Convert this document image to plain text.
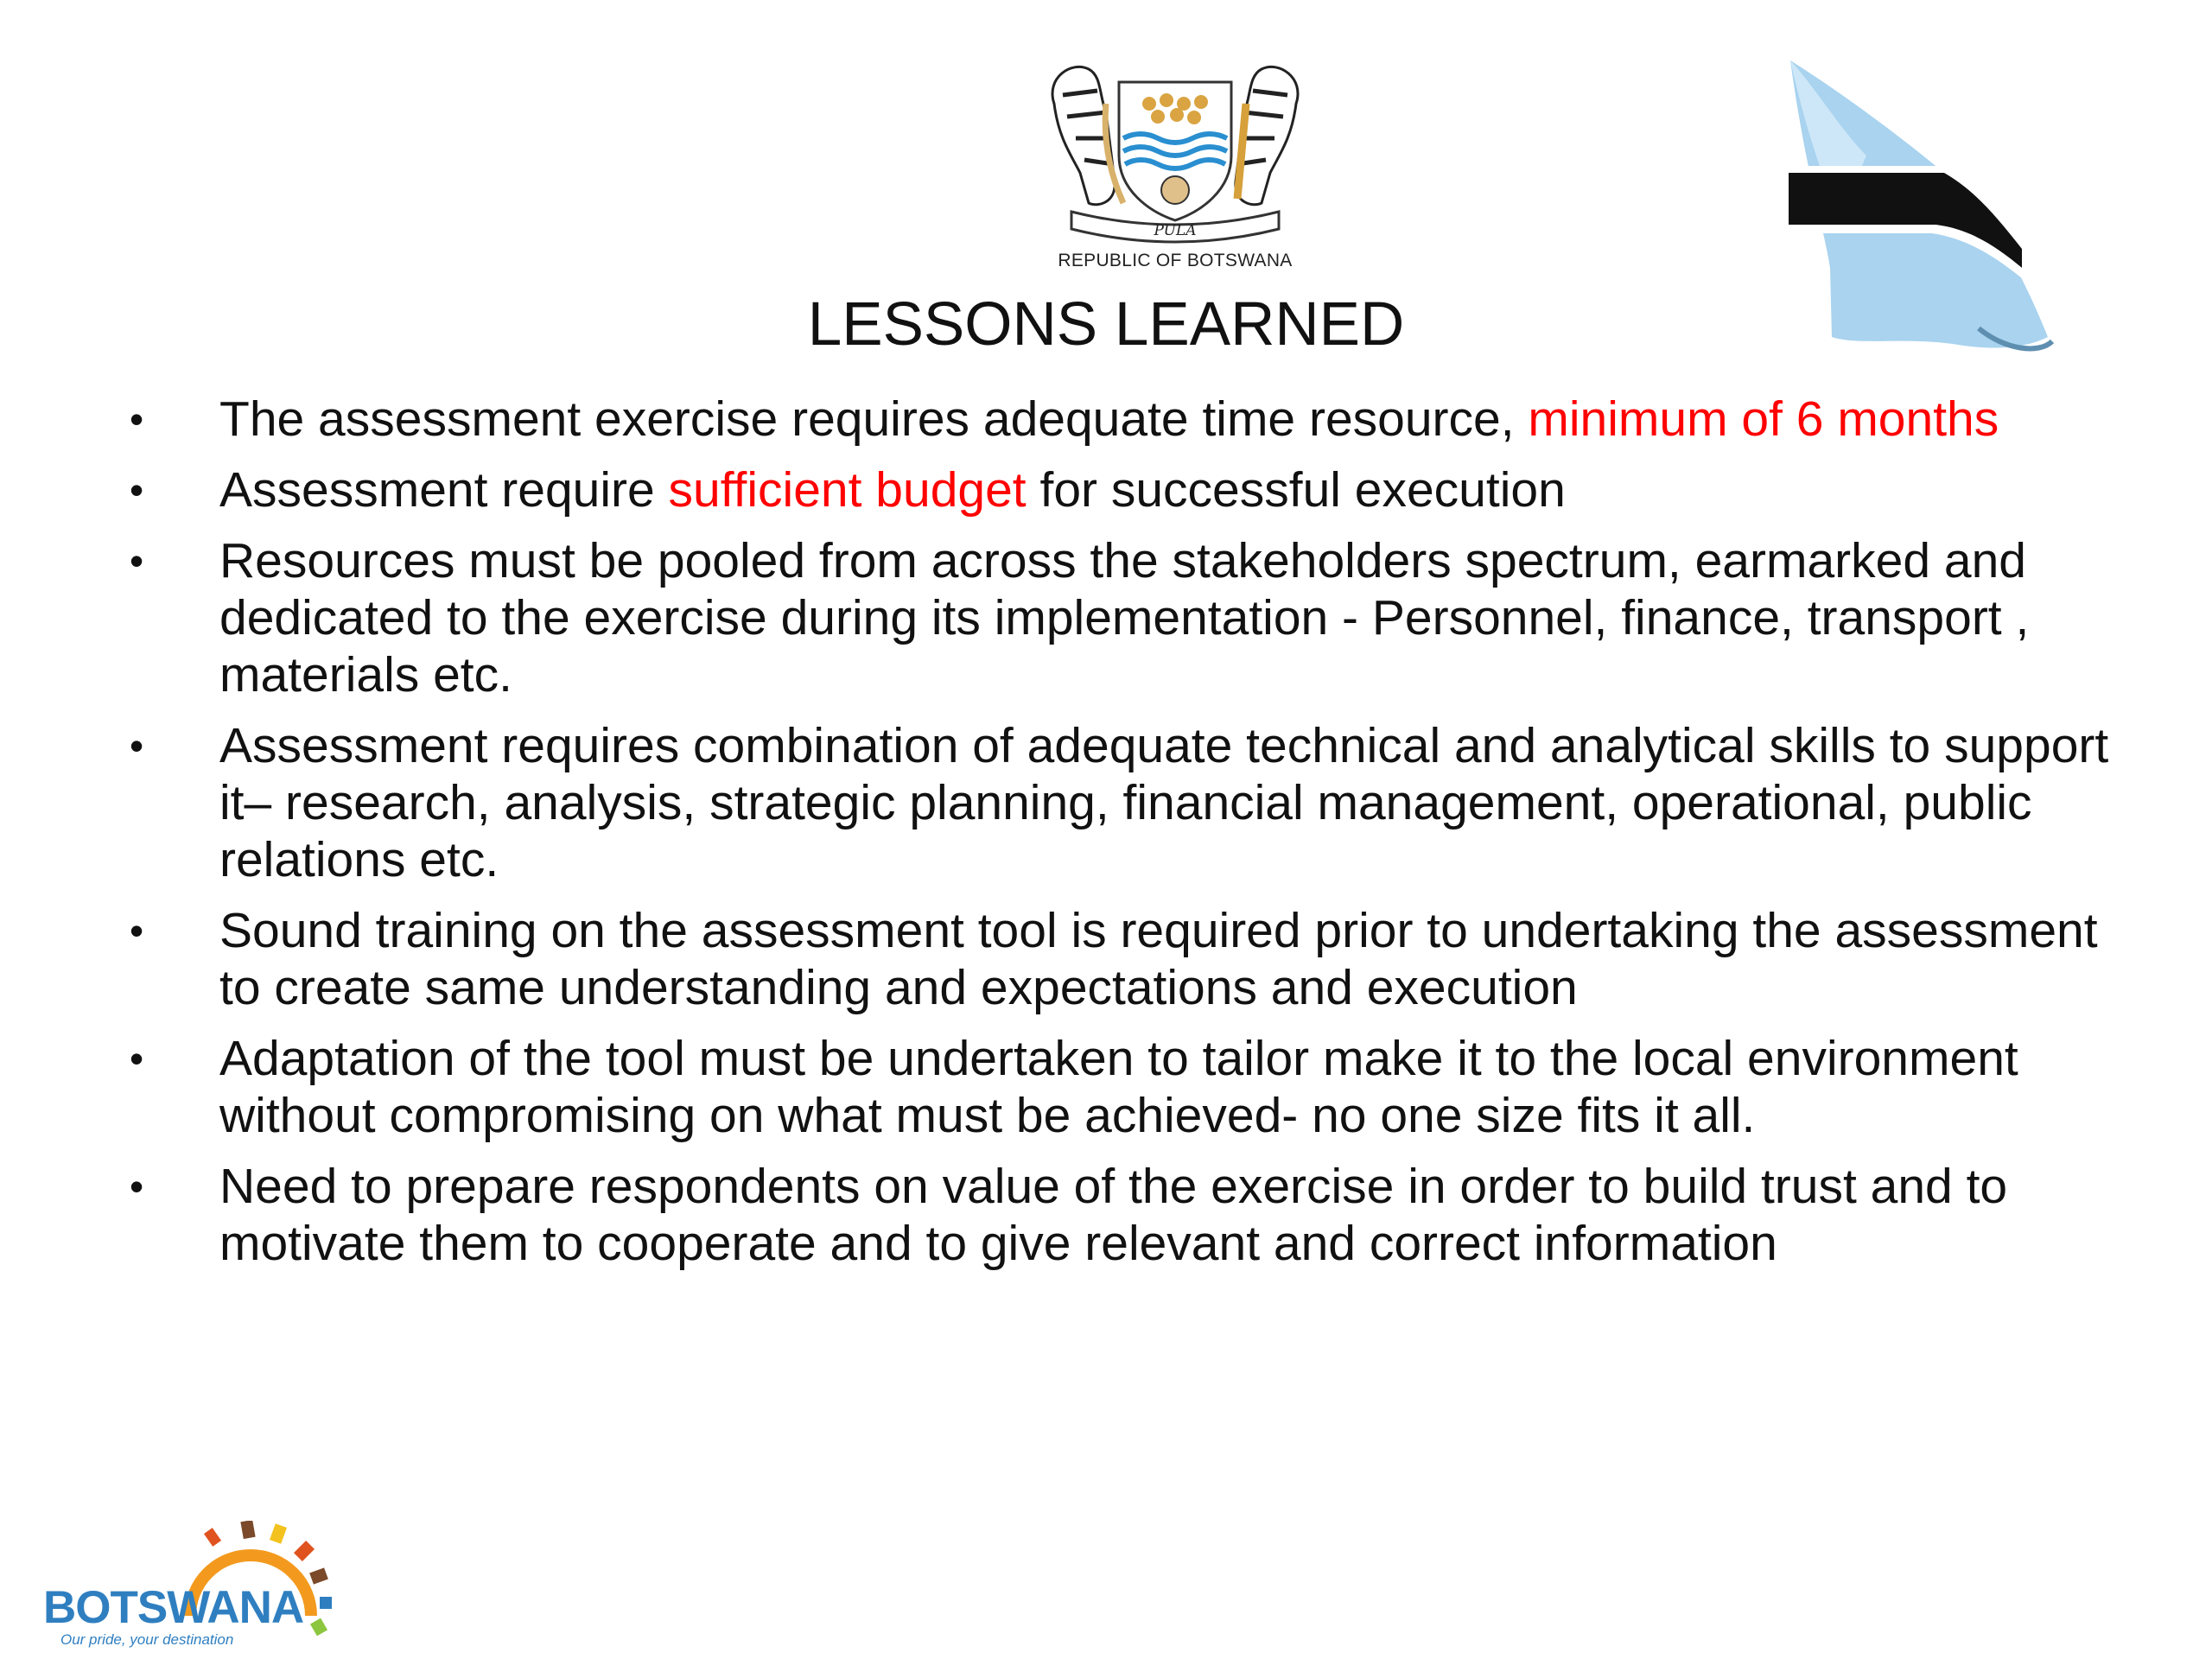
PULA
REPUBLIC OF BOTSWANA
LESSONS LEARNED
•	The assessment exercise requires adequate time resource, minimum of 6 months
•	Assessment require sufficient budget for successful execution
•	Resources must be pooled from across the stakeholders spectrum, earmarked and dedicated to the exercise during its implementation - Personnel, finance, transport , materials etc.
•	Assessment requires combination of adequate technical and analytical skills to support it– research, analysis, strategic planning, financial management, operational, public relations etc.
•	Sound training on the assessment tool is required prior to undertaking the assessment to create same understanding and expectations and execution
•	Adaptation of the tool must be undertaken to tailor make it to the local environment without compromising on what must be achieved- no one size fits it all.
•	Need to prepare respondents on value of the exercise in order to build trust and to motivate them to cooperate and to give relevant and correct information
BOTSWANA
Our pride, your destination
